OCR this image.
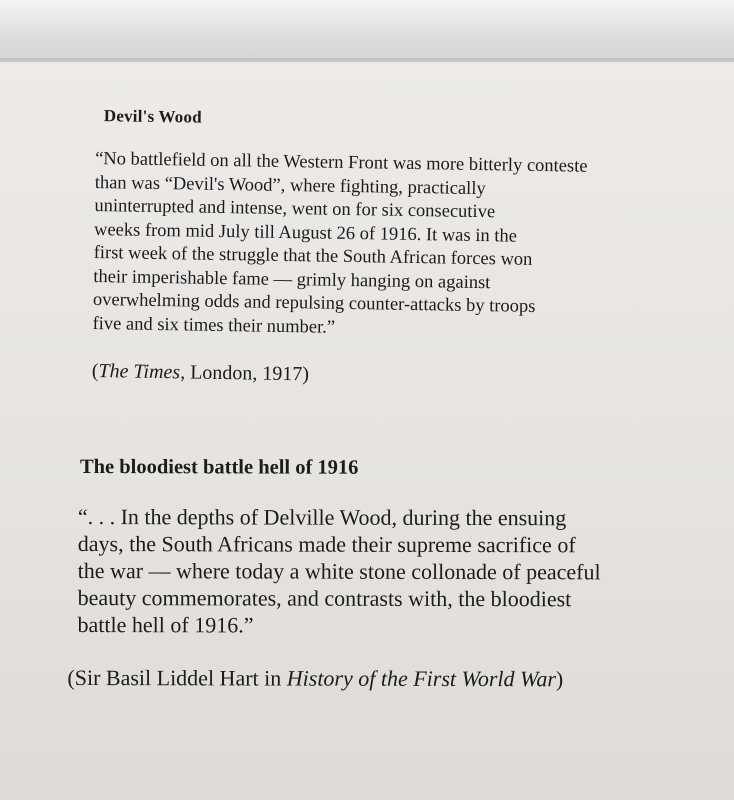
Devil's Wood

“No battlefield on all the Western Front was more bitterly conteste
than was “Devil's Wood”, where fighting, practically
uninterrupted and intense, went on for six consecutive
weeks from mid July till August 26 of 1916. It was in the
first week of the struggle that the South African forces won
their imperishable fame — grimly hanging on against
overwhelming odds and repulsing counter-attacks by troops
five and six times their number.”

(The Times, London, 1917)

The bloodiest battle hell of 1916

“. . . In the depths of Delville Wood, during the ensuing
days, the South Africans made their supreme sacrifice of
the war — where today a white stone collonade of peaceful
beauty commemorates, and contrasts with, the bloodiest
battle hell of 1916.”

(Sir Basil Liddel Hart in History of the First World War)
